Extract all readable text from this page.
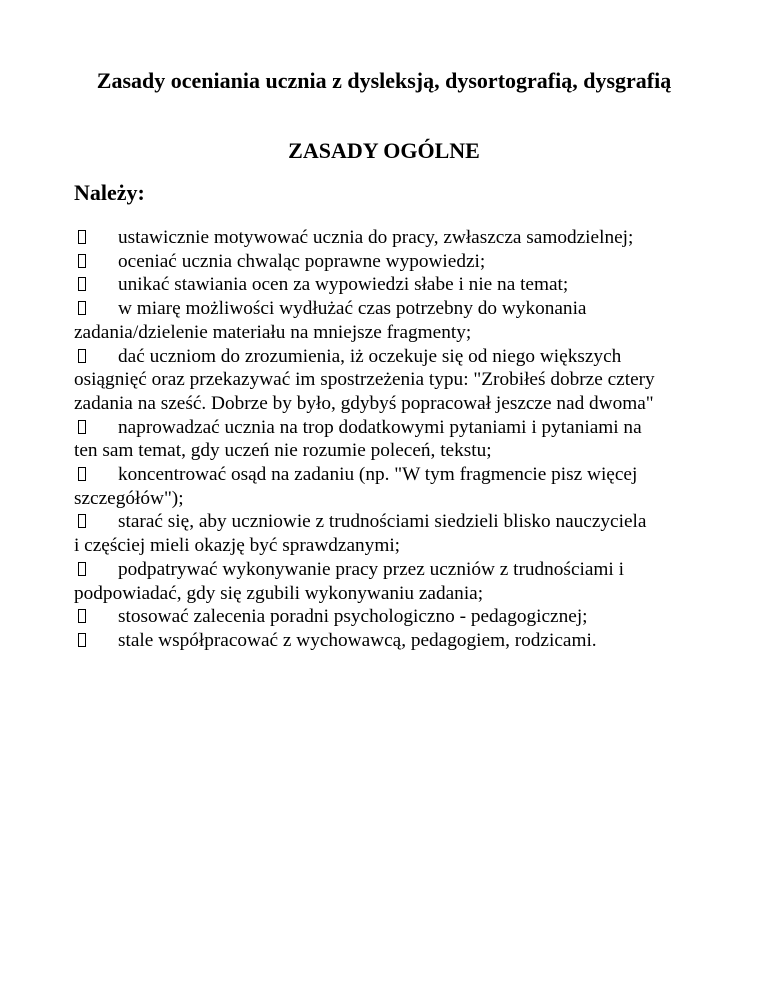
Zasady oceniania ucznia z dysleksją, dysortografią, dysgrafią
ZASADY OGÓLNE
Należy:
ustawicznie motywować ucznia do pracy, zwłaszcza samodzielnej;
oceniać ucznia chwaląc poprawne wypowiedzi;
unikać stawiania ocen za wypowiedzi słabe i nie na temat;
w miarę możliwości wydłużać czas potrzebny do wykonania
zadania/dzielenie materiału na mniejsze fragmenty;
dać uczniom do zrozumienia, iż oczekuje się od niego większych
osiągnięć oraz przekazywać im spostrzeżenia typu: "Zrobiłeś dobrze cztery
zadania na sześć. Dobrze by było, gdybyś popracował jeszcze nad dwoma"
naprowadzać ucznia na trop dodatkowymi pytaniami i pytaniami na
ten sam temat, gdy uczeń nie rozumie poleceń, tekstu;
koncentrować osąd na zadaniu (np. "W tym fragmencie pisz więcej
szczegółów");
starać się, aby uczniowie z trudnościami siedzieli blisko nauczyciela
i częściej mieli okazję być sprawdzanymi;
podpatrywać wykonywanie pracy przez uczniów z trudnościami i
podpowiadać, gdy się zgubili wykonywaniu zadania;
stosować zalecenia poradni psychologiczno - pedagogicznej;
stale współpracować z wychowawcą, pedagogiem, rodzicami.
